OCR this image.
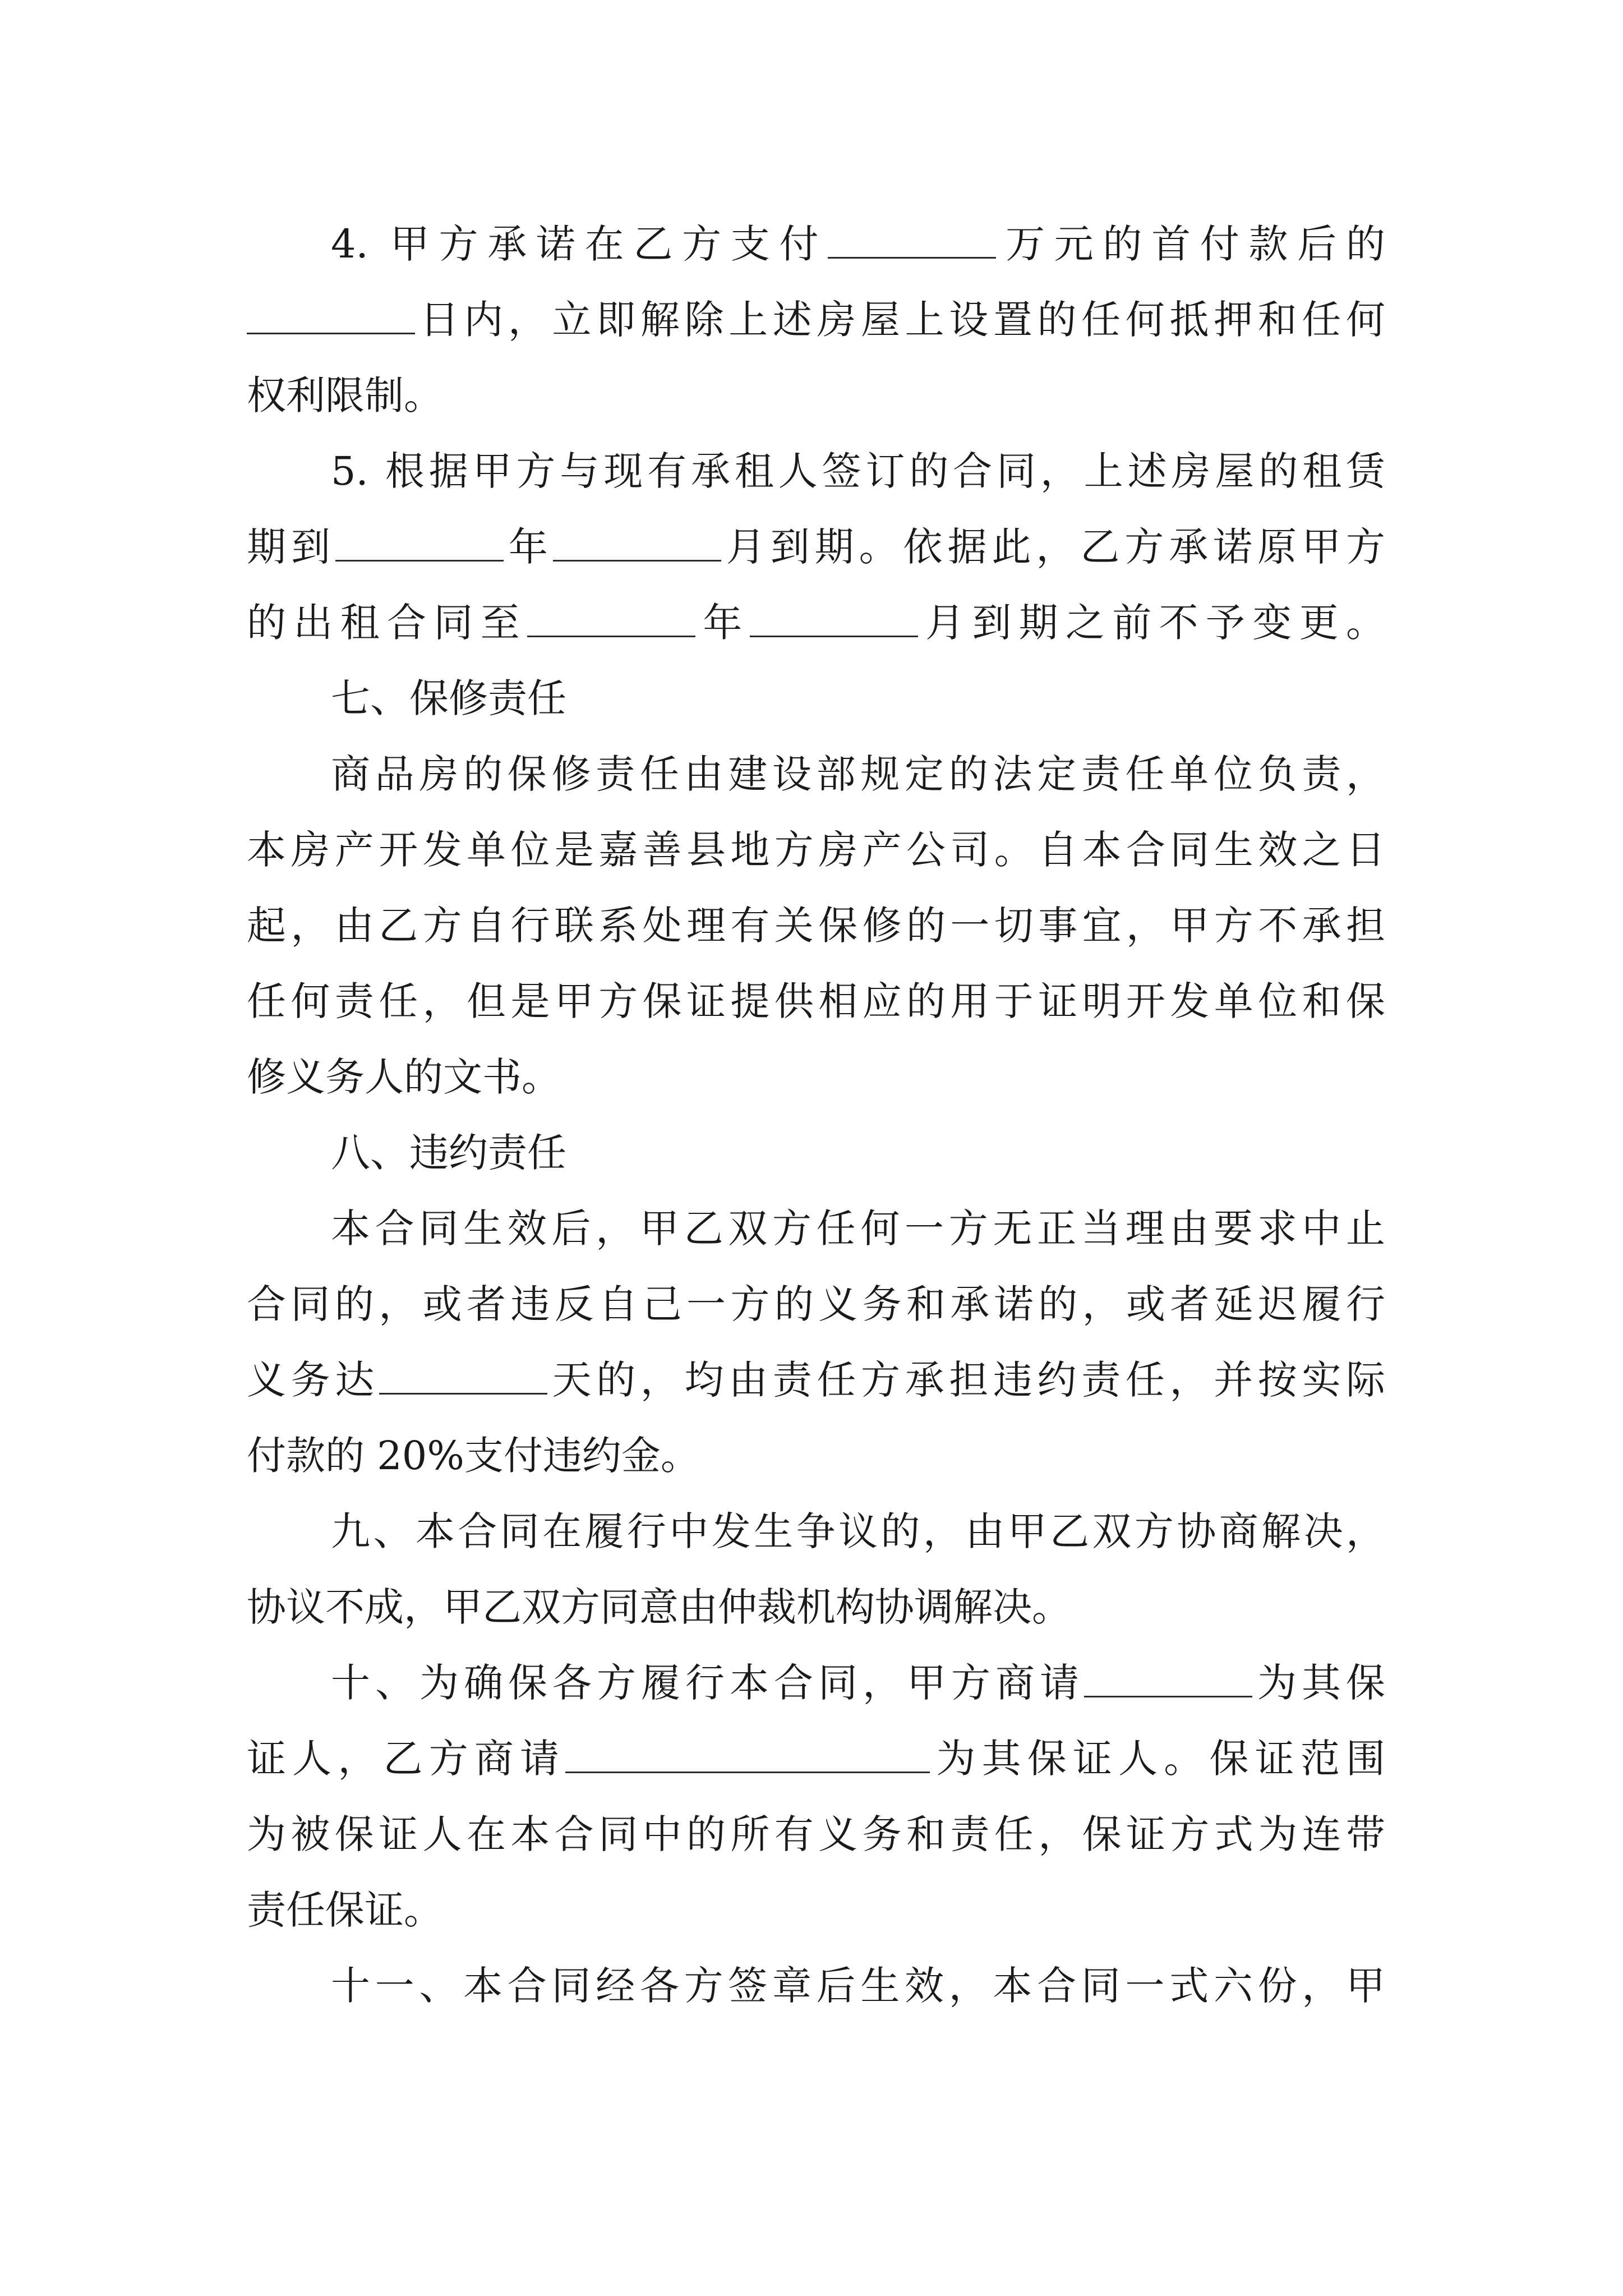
4. 甲方承诺在乙方支付	万元的首付款后的
日内，立即解除上述房屋上设置的任何抵押和任何
权利限制。
5. 根据甲方与现有承租人签订的合同，上述房屋的租赁
期到	年	月到期。依据此，乙方承诺原甲方
的出租合同至	年	月到期之前不予变更。
七、保修责任
商品房的保修责任由建设部规定的法定责任单位负责，
本房产开发单位是嘉善县地方房产公司。自本合同生效之日
起，由乙方自行联系处理有关保修的一切事宜，甲方不承担
任何责任，但是甲方保证提供相应的用于证明开发单位和保
修义务人的文书。
八、违约责任
本合同生效后，甲乙双方任何一方无正当理由要求中止
合同的，或者违反自己一方的义务和承诺的，或者延迟履行
义务达	天的，均由责任方承担违约责任，并按实际
付款的 20%支付违约金。
九、本合同在履行中发生争议的，由甲乙双方协商解决，
协议不成，甲乙双方同意由仲裁机构协调解决。
十、为确保各方履行本合同，甲方商请	为其保
证人，乙方商请	为其保证人。保证范围
为被保证人在本合同中的所有义务和责任，保证方式为连带
责任保证。
十一、本合同经各方签章后生效，本合同一式六份，甲
